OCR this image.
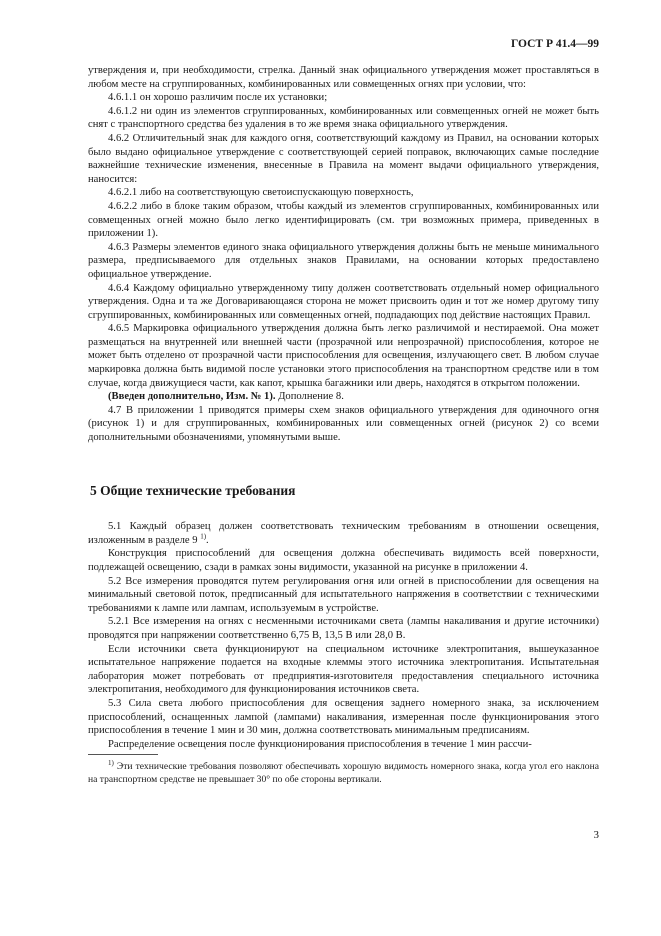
ГОСТ Р 41.4—99

утверждения и, при необходимости, стрелка. Данный знак официального утверждения может проставляться в любом месте на сгруппированных, комбинированных или совмещенных огнях при условии, что:

4.6.1.1 он хорошо различим после их установки;

4.6.1.2 ни один из элементов сгруппированных, комбинированных или совмещенных огней не может быть снят с транспортного средства без удаления в то же время знака официального утверждения.

4.6.2 Отличительный знак для каждого огня, соответствующий каждому из Правил, на основании которых было выдано официальное утверждение с соответствующей серией поправок, включающих самые последние важнейшие технические изменения, внесенные в Правила на момент выдачи официального утверждения, наносится:

4.6.2.1 либо на соответствующую светоиспускающую поверхность,

4.6.2.2 либо в блоке таким образом, чтобы каждый из элементов сгруппированных, комбинированных или совмещенных огней можно было легко идентифицировать (см. три возможных примера, приведенных в приложении 1).

4.6.3 Размеры элементов единого знака официального утверждения должны быть не меньше минимального размера, предписываемого для отдельных знаков Правилами, на основании которых предоставлено официальное утверждение.

4.6.4 Каждому официально утвержденному типу должен соответствовать отдельный номер официального утверждения. Одна и та же Договаривающаяся сторона не может присвоить один и тот же номер другому типу сгруппированных, комбинированных или совмещенных огней, подпадающих под действие настоящих Правил.

4.6.5 Маркировка официального утверждения должна быть легко различимой и нестираемой. Она может размещаться на внутренней или внешней части (прозрачной или непрозрачной) приспособления, которое не может быть отделено от прозрачной части приспособления для освещения, излучающего свет. В любом случае маркировка должна быть видимой после установки этого приспособления на транспортном средстве или в том случае, когда движущиеся части, как капот, крышка багажники или дверь, находятся в открытом положении.

(Введен дополнительно, Изм. № 1). Дополнение 8.

4.7 В приложении 1 приводятся примеры схем знаков официального утверждения для одиночного огня (рисунок 1) и для сгруппированных, комбинированных или совмещенных огней (рисунок 2) со всеми дополнительными обозначениями, упомянутыми выше.

5 Общие технические требования

5.1 Каждый образец должен соответствовать техническим требованиям в отношении освещения, изложенным в разделе 9 $^{1)}$.

Конструкция приспособлений для освещения должна обеспечивать видимость всей поверхности, подлежащей освещению, сзади в рамках зоны видимости, указанной на рисунке в приложении 4.

5.2 Все измерения проводятся путем регулирования огня или огней в приспособлении для освещения на минимальный световой поток, предписанный для испытательного напряжения в соответствии с техническими требованиями к лампе или лампам, используемым в устройстве.

5.2.1 Все измерения на огнях с несменными источниками света (лампы накаливания и другие источники) проводятся при напряжении соответственно 6,75 В, 13,5 В или 28,0 В.

Если источники света функционируют на специальном источнике электропитания, вышеуказанное испытательное напряжение подается на входные клеммы этого источника электропитания. Испытательная лаборатория может потребовать от предприятия-изготовителя предоставления специального источника электропитания, необходимого для функционирования источников света.

5.3 Сила света любого приспособления для освещения заднего номерного знака, за исключением приспособлений, оснащенных лампой (лампами) накаливания, измеренная после функционирования этого приспособления в течение 1 мин и 30 мин, должна соответствовать минимальным предписаниям.

Распределение освещения после функционирования приспособления в течение 1 мин рассчи-

$^{1)}$ Эти технические требования позволяют обеспечивать хорошую видимость номерного знака, когда угол его наклона на транспортном средстве не превышает 30° по обе стороны вертикали.

3
